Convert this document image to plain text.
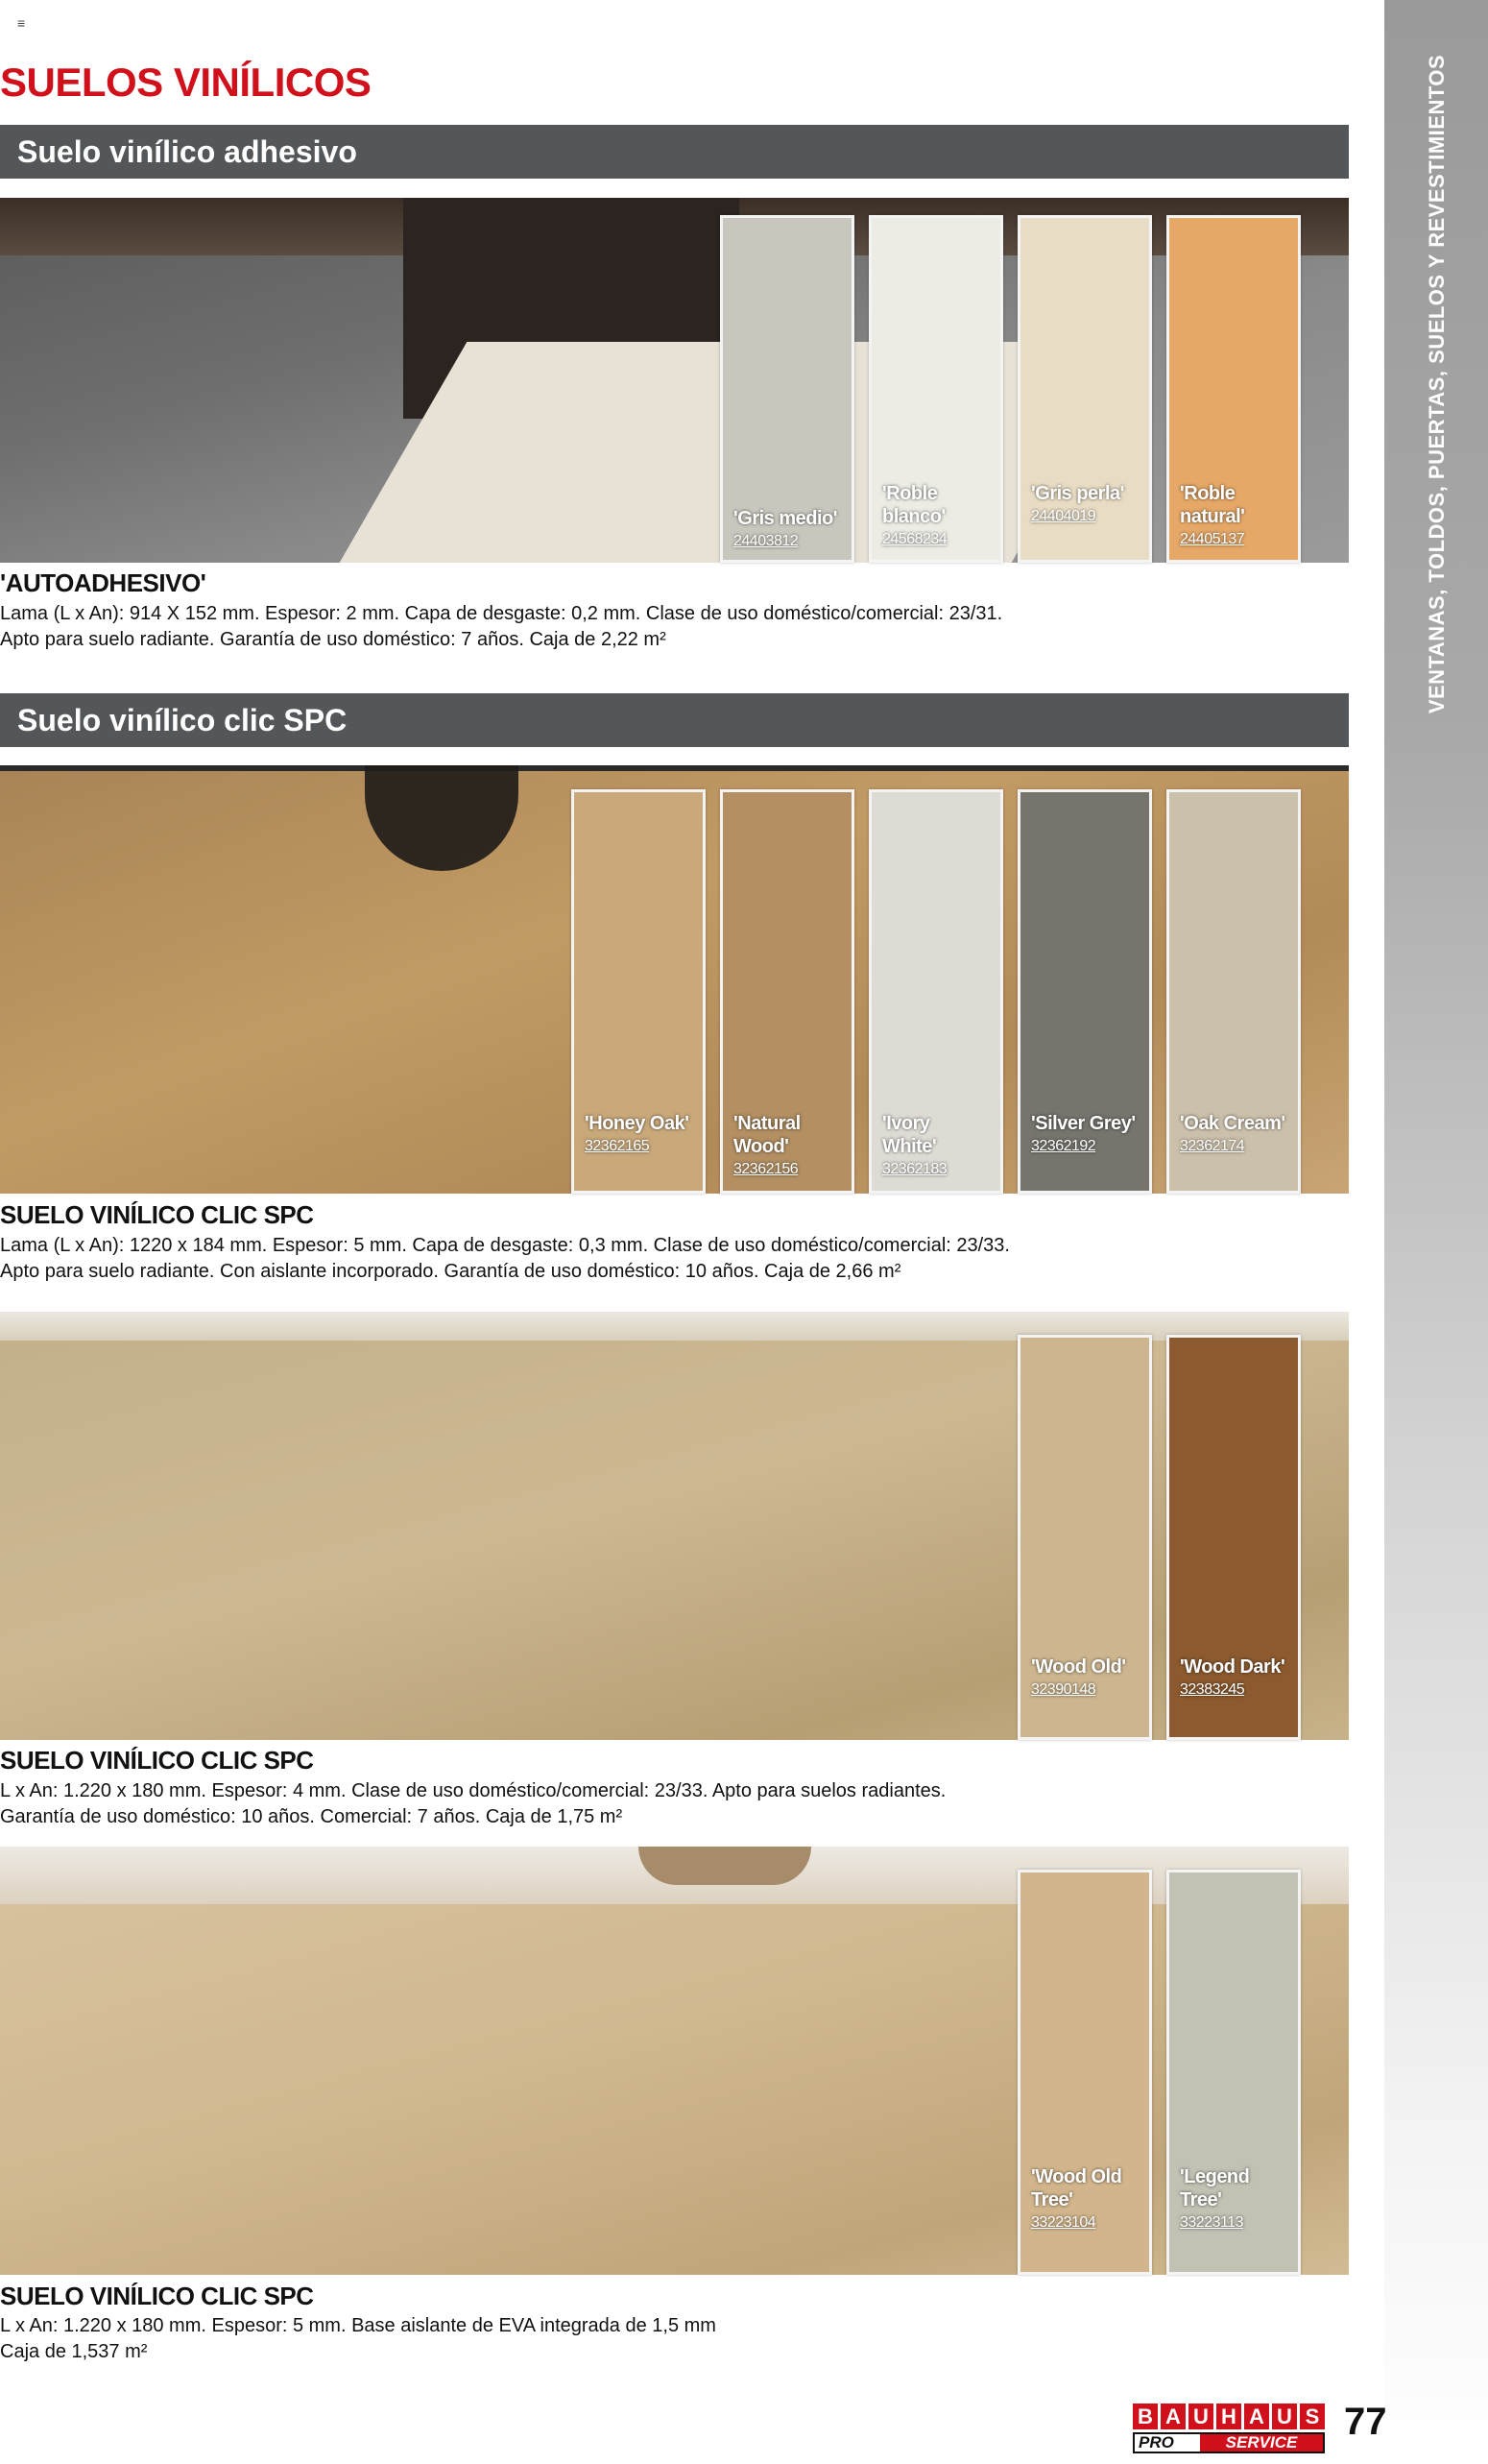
≡
SUELOS VINÍLICOS	VENTANAS, TOLDOS, PUERTAS, SUELOS Y REVESTIMIENTOS
Suelo vinílico adhesivo
'Gris medio'
24403812
'Roble blanco'
24568234
'Gris perla'
24404019
'Roble natural'
24405137
'AUTOADHESIVO'
Lama (L x An): 914 X 152 mm. Espesor: 2 mm. Capa de desgaste: 0,2 mm. Clase de uso doméstico/comercial: 23/31.
Apto para suelo radiante. Garantía de uso doméstico: 7 años. Caja de 2,22 m²
Suelo vinílico clic SPC
'Honey Oak'
32362165
'Natural Wood'
32362156
'Ivory White'
32362183
'Silver Grey'
32362192
'Oak Cream'
32362174
SUELO VINÍLICO CLIC SPC
Lama (L x An): 1220 x 184 mm. Espesor: 5 mm. Capa de desgaste: 0,3 mm. Clase de uso doméstico/comercial: 23/33.
Apto para suelo radiante. Con aislante incorporado. Garantía de uso doméstico: 10 años. Caja de 2,66 m²
'Wood Old'
32390148
'Wood Dark'
32383245
SUELO VINÍLICO CLIC SPC
L x An: 1.220 x 180 mm. Espesor: 4 mm. Clase de uso doméstico/comercial: 23/33. Apto para suelos radiantes.
Garantía de uso doméstico: 10 años. Comercial: 7 años. Caja de 1,75 m²
'Wood Old Tree'
33223104
'Legend Tree'
33223113
SUELO VINÍLICO CLIC SPC
L x An: 1.220 x 180 mm. Espesor: 5 mm. Base aislante de EVA integrada de 1,5 mm
Caja de 1,537 m²
B A U H A U S
PRO	SERVICE	77
